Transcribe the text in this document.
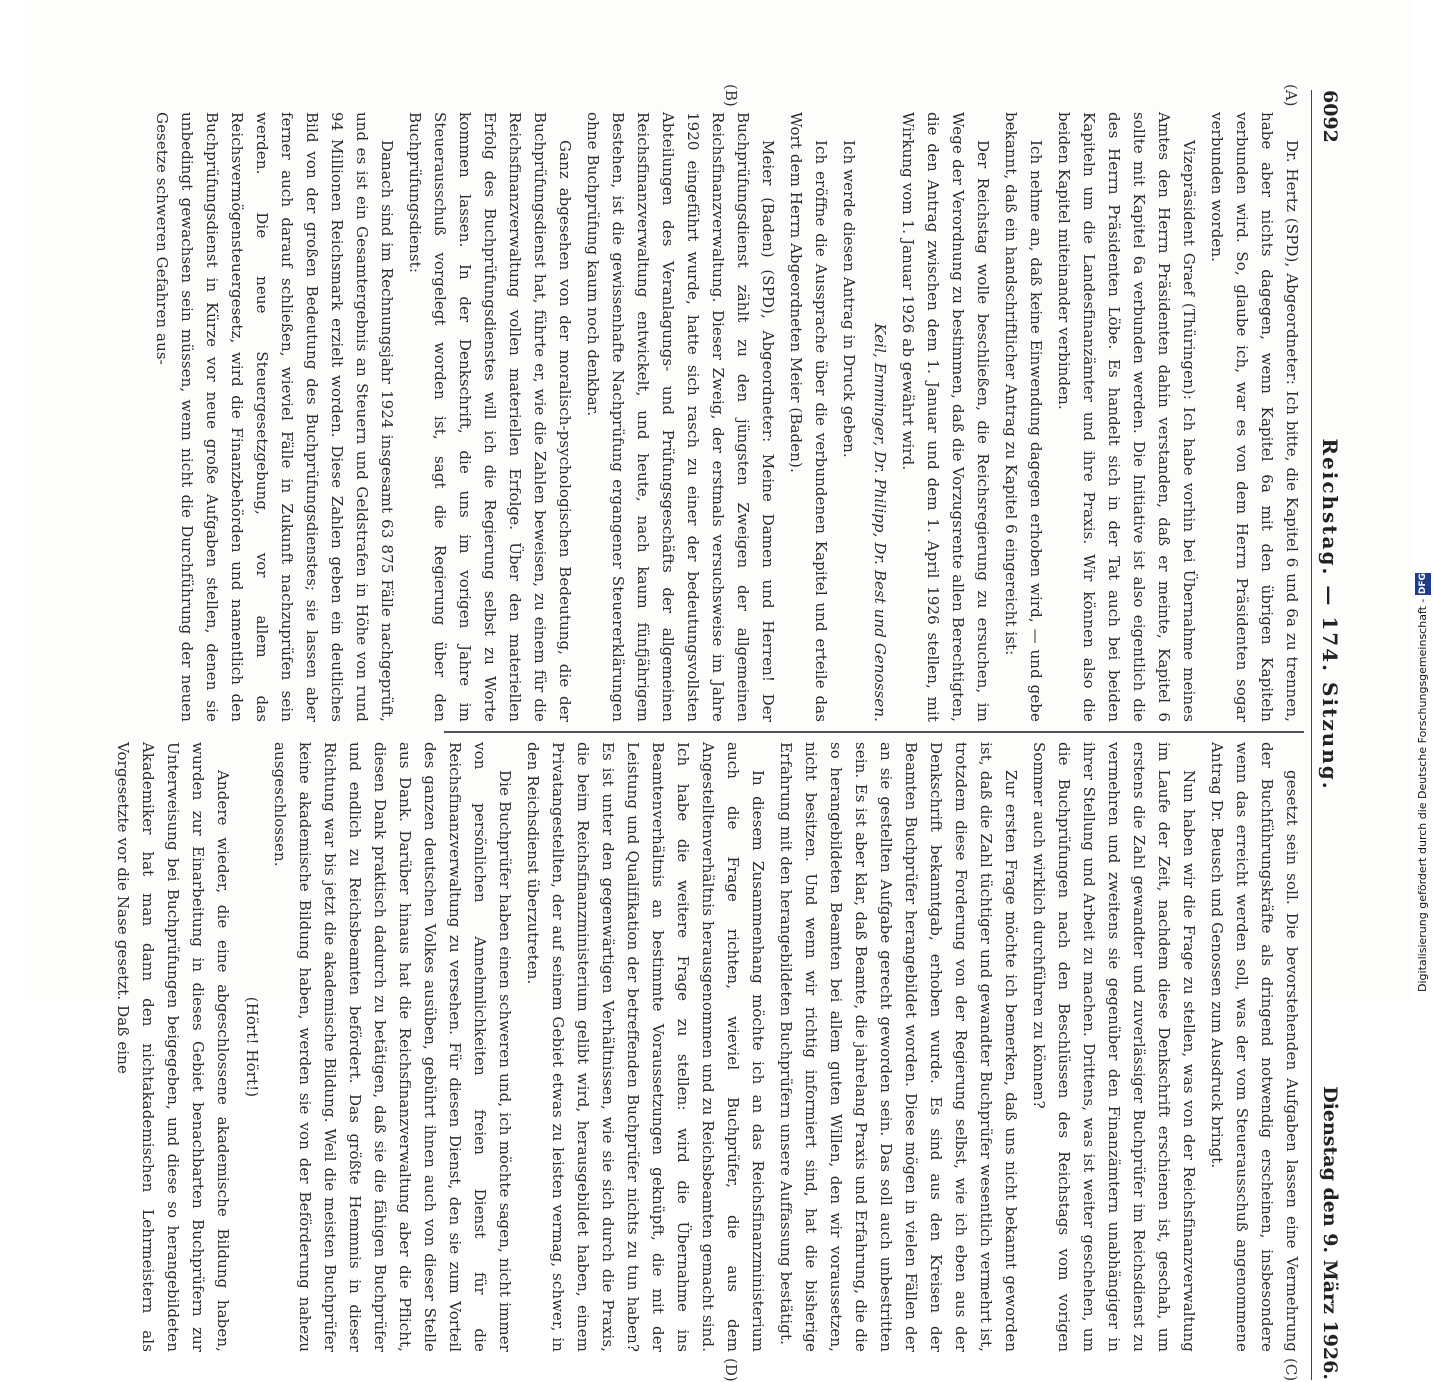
6092
Reichstag. — 174. Sitzung.
Dienstag den 9. März 1926.
(A)
(B)
(C)
(D)

Dr. Hertz (SPD), Abgeordneter: Ich bitte, die Kapitel 6 und 6a zu trennen, habe aber nichts dagegen, wenn Kapitel 6a mit den übrigen Kapiteln verbunden wird. So, glaube ich, war es von dem Herrn Präsidenten sogar verbunden worden.

Vizepräsident Graef (Thüringen): Ich habe vorhin bei Übernahme meines Amtes den Herrn Präsidenten dahin verstanden, daß er meinte, Kapitel 6 sollte mit Kapitel 6a verbunden werden. Die Initiative ist also eigentlich die des Herrn Präsidenten Löbe. Es handelt sich in der Tat auch bei beiden Kapiteln um die Landesfinanzämter und ihre Praxis. Wir können also die beiden Kapitel miteinander verbinden.

Ich nehme an, daß keine Einwendung dagegen erhoben wird, — und gebe bekannt, daß ein handschriftlicher Antrag zu Kapitel 6 eingereicht ist:

Der Reichstag wolle beschließen, die Reichsregierung zu ersuchen, im Wege der Verordnung zu bestimmen, daß die Vorzugsrente allen Berechtigten, die den Antrag zwischen dem 1. Januar und dem 1. April 1926 stellen, mit Wirkung vom 1. Januar 1926 ab gewährt wird.

Keil, Emminger, Dr. Philipp, Dr. Best und Genossen.

Ich werde diesen Antrag in Druck geben.

Ich eröffne die Aussprache über die verbundenen Kapitel und erteile das Wort dem Herrn Abgeordneten Meier (Baden).

Meier (Baden) (SPD), Abgeordneter: Meine Damen und Herren! Der Buchprüfungsdienst zählt zu den jüngsten Zweigen der allgemeinen Reichsfinanzverwaltung. Dieser Zweig, der erstmals versuchsweise im Jahre 1920 eingeführt wurde, hatte sich rasch zu einer der bedeutungsvollsten Abteilungen des Veranlagungs- und Prüfungsgeschäfts der allgemeinen Reichsfinanzverwaltung entwickelt, und heute, nach kaum fünfjährigem Bestehen, ist die gewissenhafte Nachprüfung ergangener Steuererklärungen ohne Buchprüfung kaum noch denkbar.

Ganz abgesehen von der moralisch-psychologischen Bedeutung, die der Buchprüfungsdienst hat, führte er, wie die Zahlen beweisen, zu einem für die Reichsfinanzverwaltung vollen materiellen Erfolge. Über den materiellen Erfolg des Buchprüfungsdienstes will ich die Regierung selbst zu Worte kommen lassen. In der Denkschrift, die uns im vorigen Jahre im Steuerausschuß vorgelegt worden ist, sagt die Regierung über den Buchprüfungsdienst:

Danach sind im Rechnungsjahr 1924 insgesamt 63 875 Fälle nachgeprüft, und es ist ein Gesamtergebnis an Steuern und Geldstrafen in Höhe von rund 94 Millionen Reichsmark erzielt worden. Diese Zahlen geben ein deutliches Bild von der großen Bedeutung des Buchprüfungsdienstes; sie lassen aber ferner auch darauf schließen, wieviel Fälle in Zukunft nachzuprüfen sein werden. Die neue Steuergesetzgebung, vor allem das Reichsvermögensteuergesetz, wird die Finanzbehörden und namentlich den Buchprüfungsdienst in Kürze vor neue große Aufgaben stellen, denen sie unbedingt gewachsen sein müssen, wenn nicht die Durchführung der neuen Gesetze schweren Gefahren aus-

gesetzt sein soll. Die bevorstehenden Aufgaben lassen eine Vermehrung der Buchführungskräfte als dringend notwendig erscheinen, insbesondere wenn das erreicht werden soll, was der vom Steuerausschuß angenommene Antrag Dr. Beusch und Genossen zum Ausdruck bringt.

Nun haben wir die Frage zu stellen, was von der Reichsfinanzverwaltung im Laufe der Zeit, nachdem diese Denkschrift erschienen ist, geschah, um erstens die Zahl gewandter und zuverlässiger Buchprüfer im Reichsdienst zu vermehren und zweitens sie gegenüber den Finanzämtern unabhängiger in ihrer Stellung und Arbeit zu machen. Drittens, was ist weiter geschehen, um die Buchprüfungen nach den Beschlüssen des Reichstags vom vorigen Sommer auch wirklich durchführen zu können?

Zur ersten Frage möchte ich bemerken, daß uns nicht bekannt geworden ist, daß die Zahl tüchtiger und gewandter Buchprüfer wesentlich vermehrt ist, trotzdem diese Forderung von der Regierung selbst, wie ich eben aus der Denkschrift bekanntgab, erhoben wurde. Es sind aus den Kreisen der Beamten Buchprüfer herangebildet worden. Diese mögen in vielen Fällen der an sie gestellten Aufgabe gerecht geworden sein. Das soll auch unbestritten sein. Es ist aber klar, daß Beamte, die jahrelang Praxis und Erfahrung, die die so herangebildeten Beamten bei allem guten Willen, den wir voraussetzen, nicht besitzen. Und wenn wir richtig informiert sind, hat die bisherige Erfahrung mit den herangebildeten Buchprüfern unsere Auffassung bestätigt.

In diesem Zusammenhang möchte ich an das Reichsfinanzministerium auch die Frage richten, wieviel Buchprüfer, die aus dem Angestelltenverhältnis herausgenommen und zu Reichsbeamten gemacht sind. Ich habe die weitere Frage zu stellen: wird die Übernahme ins Beamtenverhältnis an bestimmte Voraussetzungen geknüpft, die mit der Leistung und Qualifikation der betreffenden Buchprüfer nichts zu tun haben? Es ist unter den gegenwärtigen Verhältnissen, wie sie sich durch die Praxis, die beim Reichsfinanzministerium gelibt wird, herausgebildet haben, einem Privatangestellten, der auf seinem Gebiet etwas zu leisten vermag, schwer, in den Reichsdienst überzutreten.

Die Buchprüfer haben einen schweren und, ich möchte sagen, nicht immer von persönlichen Annehmlichkeiten freien Dienst für die Reichsfinanzverwaltung zu versehen. Für diesen Dienst, den sie zum Vorteil des ganzen deutschen Volkes ausüben, gebührt ihnen auch von dieser Stelle aus Dank. Darüber hinaus hat die Reichsfinanzverwaltung aber die Pflicht, diesen Dank praktisch dadurch zu betätigen, daß sie die fähigen Buchprüfer und endlich zu Reichsbeamten befördert. Das größte Hemmnis in dieser Richtung war bis jetzt die akademische Bildung. Weil die meisten Buchprüfer keine akademische Bildung haben, werden sie von der Beförderung nahezu ausgeschlossen.

(Hört! Hört!)

Andere wieder, die eine abgeschlossene akademische Bildung haben, wurden zur Einarbeitung in dieses Gebiet benachbarten Buchprüfern zur Unterweisung bei Buchprüfungen beigegeben, und diese so herangebildeten Akademiker hat man dann den nichtakademischen Lehrmeistern als Vorgesetzte vor die Nase gesetzt. Daß eine	Digitalisierung gefördert durch die Deutsche Forschungsgemeinschaft -
DFG
